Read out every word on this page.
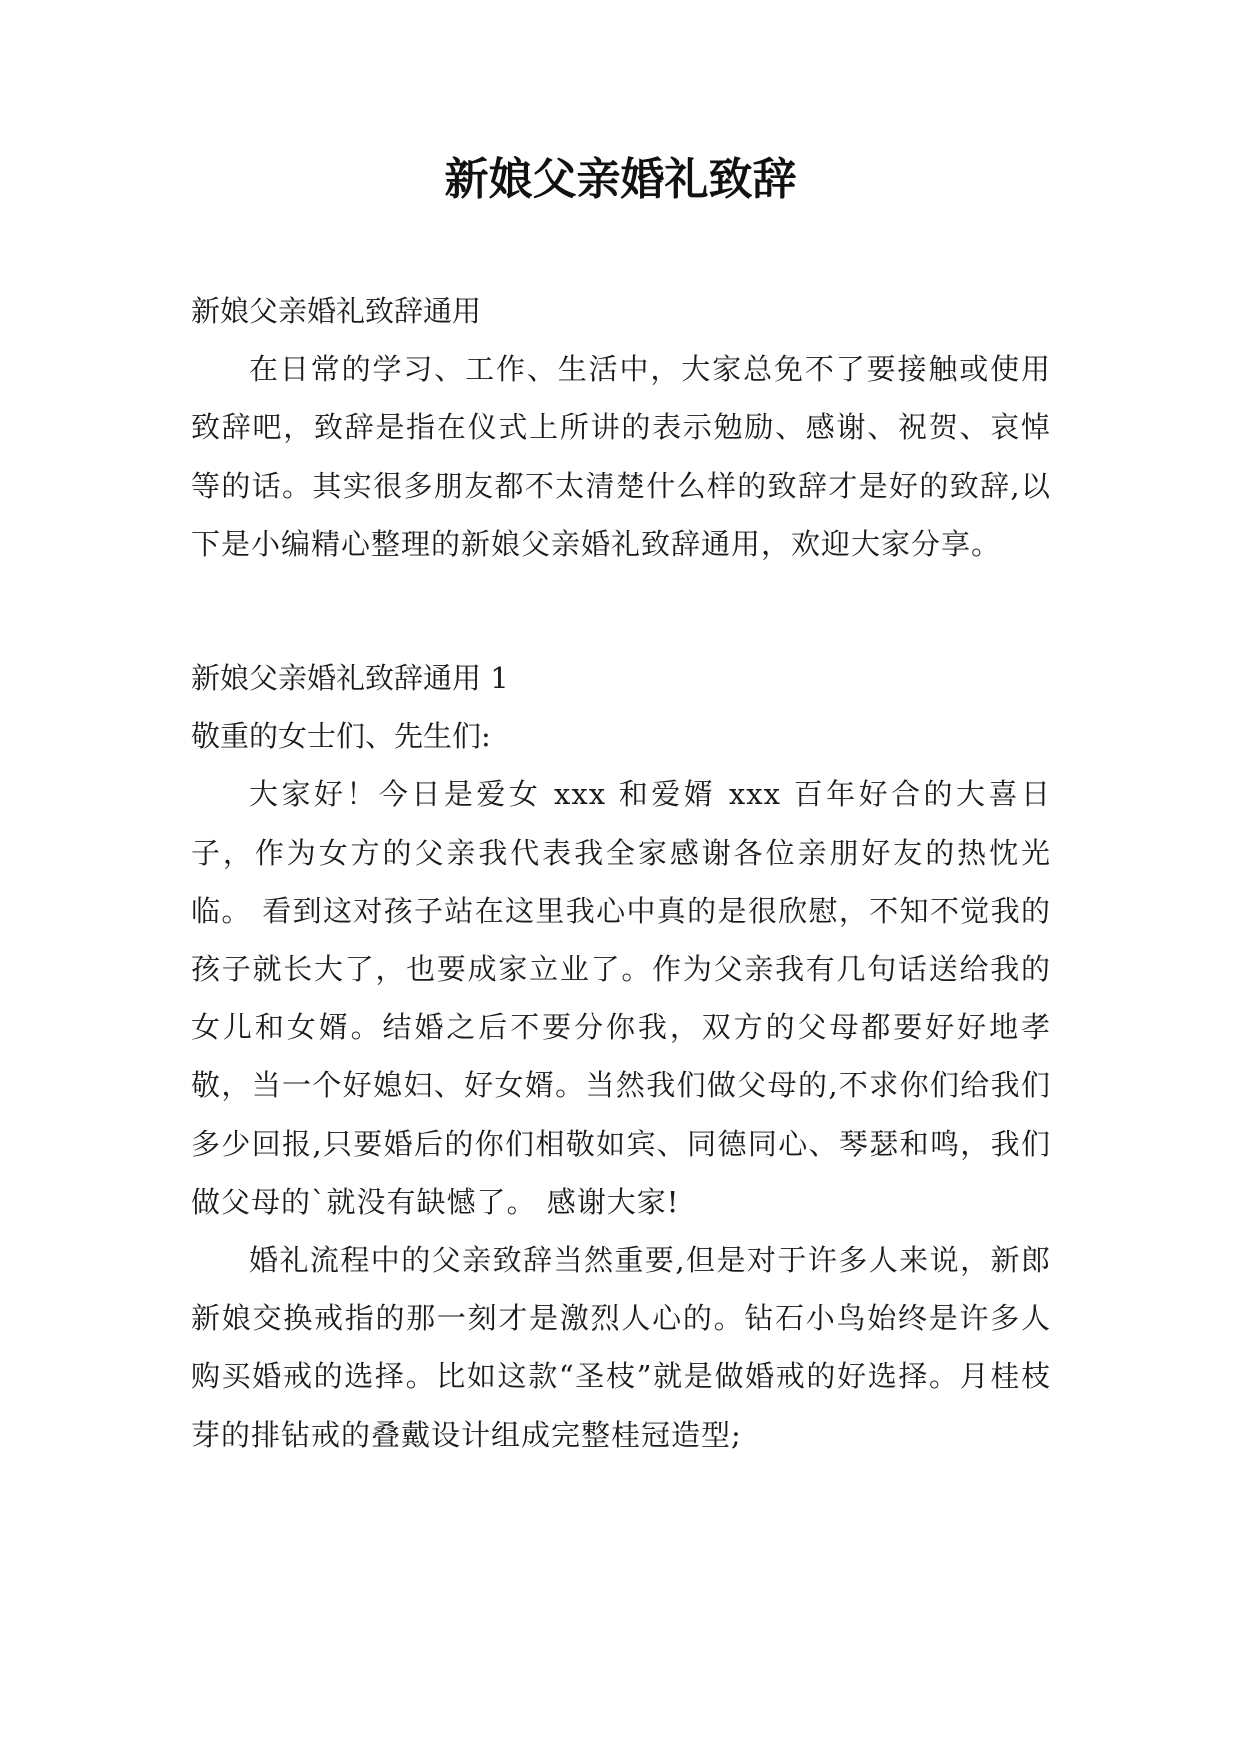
新娘父亲婚礼致辞

新娘父亲婚礼致辞通用

在日常的学习、工作、生活中，大家总免不了要接触或使用致辞吧，致辞是指在仪式上所讲的表示勉励、感谢、祝贺、哀悼等的话。其实很多朋友都不太清楚什么样的致辞才是好的致辞,以下是小编精心整理的新娘父亲婚礼致辞通用，欢迎大家分享。

新娘父亲婚礼致辞通用 1

敬重的女士们、先生们:

大家好！今日是爱女 xxx 和爱婿 xxx 百年好合的大喜日子，作为女方的父亲我代表我全家感谢各位亲朋好友的热忱光临。 看到这对孩子站在这里我心中真的是很欣慰，不知不觉我的孩子就长大了，也要成家立业了。作为父亲我有几句话送给我的女儿和女婿。结婚之后不要分你我，双方的父母都要好好地孝敬，当一个好媳妇、好女婿。当然我们做父母的,不求你们给我们多少回报,只要婚后的你们相敬如宾、同德同心、琴瑟和鸣，我们做父母的`就没有缺憾了。 感谢大家!

婚礼流程中的父亲致辞当然重要,但是对于许多人来说，新郎新娘交换戒指的那一刻才是激烈人心的。钻石小鸟始终是许多人购买婚戒的选择。比如这款“圣枝”就是做婚戒的好选择。月桂枝芽的排钻戒的叠戴设计组成完整桂冠造型;
